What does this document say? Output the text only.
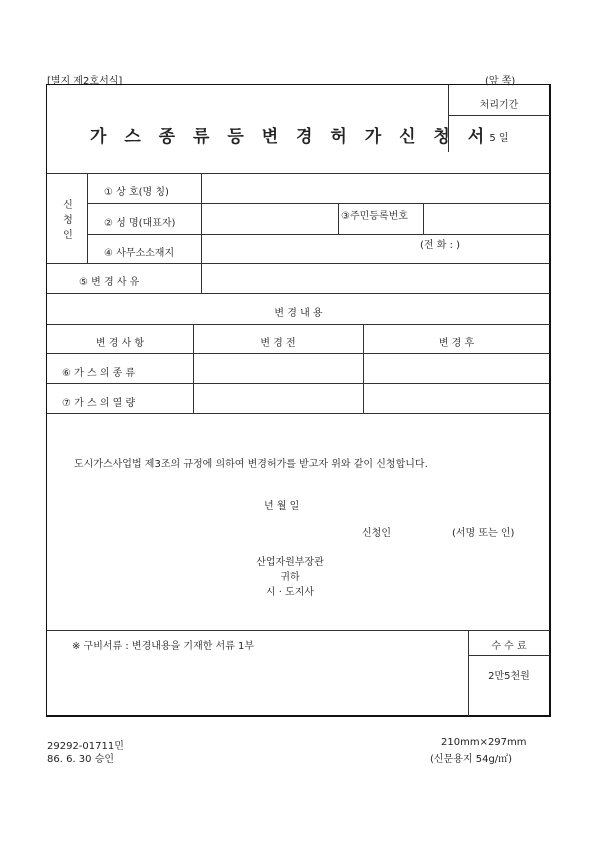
[별지 제2호서식]	(앞 쪽)
가 스 종 류 등 변 경 허 가 신 청 서
처리기간
5 일
신
청
인
① 상 호(명 칭)
② 성 명(대표자)
③주민등록번호
④ 사무소소재지
(전 화 : )
⑤ 변 경 사 유
변 경 내 용
변 경 사 항	변 경 전	변 경 후
⑥ 가 스 의 종 류
⑦ 가 스 의 열 량
도시가스사업법 제3조의 규정에 의하여 변경허가를 받고자 위와 같이 신청합니다.
년 월 일
신청인	(서명 또는 인)
산업자원부장관
귀하
시 · 도지사
※ 구비서류 : 변경내용을 기재한 서류 1부	수 수 료
2만5천원
29292-01711민
86. 6. 30 승인
210mm×297mm
(신문용지 54g/㎡)
